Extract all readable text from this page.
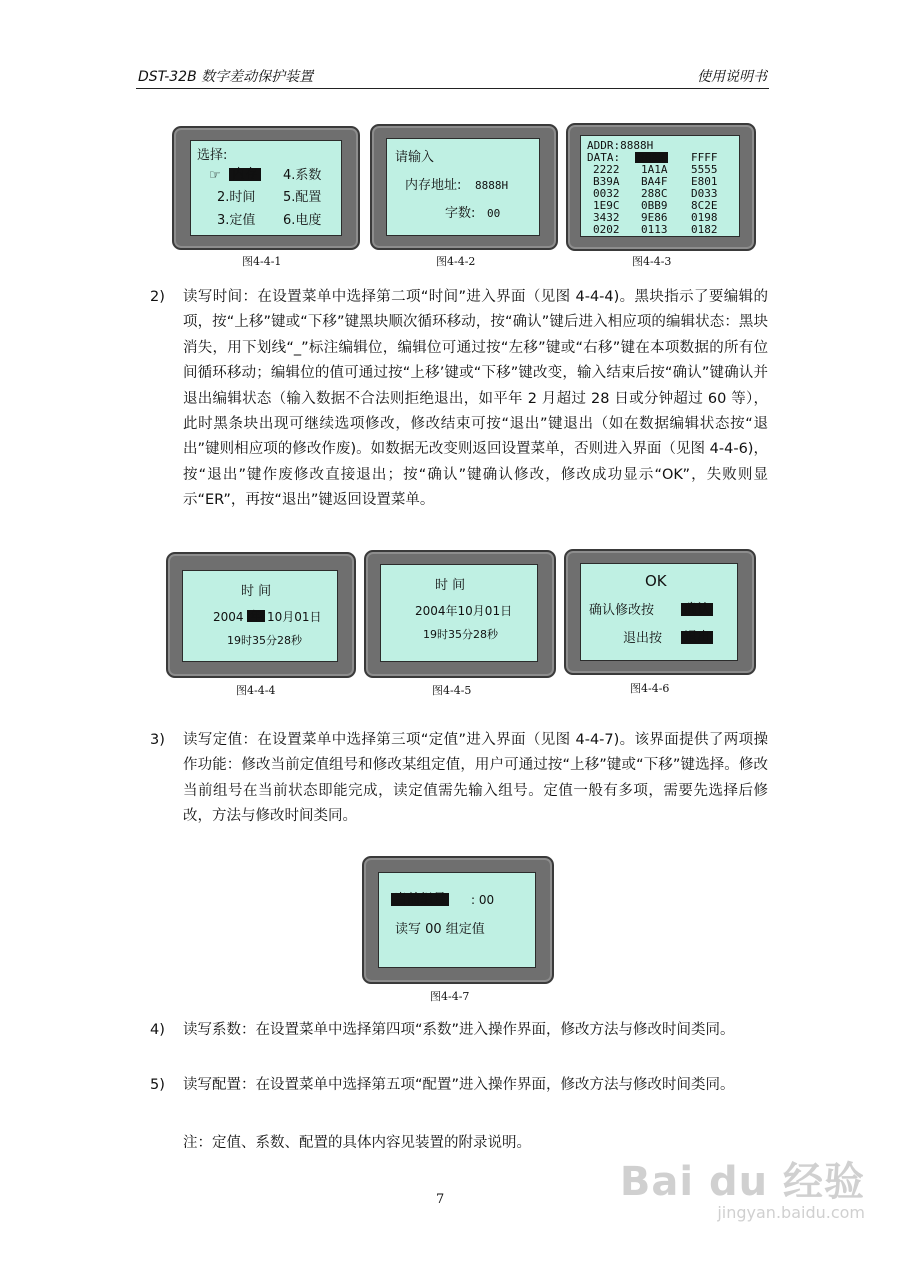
DST-32B 数字差动保护装置	使用说明书
选择:
☞ 内存 4.系数
2.时间 5.配置
3.定值 6.电度
图4-4-1
请输入
内存地址: 8888H
字数: 00
图4-4-2
ADDR:8888H
DATA: 0000 FFFF
2222 1A1A 5555
B39A BA4F E801
0032 288C D033
1E9C 0BB9 8C2E
3432 9E86 0198
0202 0113 0182
图4-4-3
2) 读写时间：在设置菜单中选择第二项“时间”进入界面（见图 4-4-4)。黑块指示了要编辑的项，按“上移”键或“下移”键黑块顺次循环移动，按“确认”键后进入相应项的编辑状态：黑块消失，用下划线“_”标注编辑位，编辑位可通过按“左移”键或“右移”键在本项数据的所有位间循环移动；编辑位的值可通过按“上移’键或“下移”键改变，输入结束后按“确认”键确认并退出编辑状态（输入数据不合法则拒绝退出，如平年 2 月超过 28 日或分钟超过 60 等），此时黑条块出现可继续选项修改，修改结束可按“退出”键退出（如在数据编辑状态按“退出”键则相应项的修改作废)。如数据无改变则返回设置菜单，否则进入界面（见图 4-4-6)，按“退出”键作废修改直接退出；按“确认”键确认修改，修改成功显示“OK”，失败则显示“ER”，再按“退出”键返回设置菜单。
时 间
2004 年 10月01日
19时35分28秒
图4-4-4
时 间
2004年10月01日
19时35分28秒
图4-4-5
OK
确认修改按 确认
退出按 退出
图4-4-6
3) 读写定值：在设置菜单中选择第三项“定值”进入界面（见图 4-4-7)。该界面提供了两项操作功能：修改当前定值组号和修改某组定值，用户可通过按“上移”键或“下移”键选择。修改当前组号在当前状态即能完成，读定值需先输入组号。定值一般有多项，需要先选择后修改，方法与修改时间类同。
当前组号 : 00
读写 00 组定值
图4-4-7
4) 读写系数：在设置菜单中选择第四项“系数”进入操作界面，修改方法与修改时间类同。
5) 读写配置：在设置菜单中选择第五项“配置”进入操作界面，修改方法与修改时间类同。
注：定值、系数、配置的具体内容见装置的附录说明。
7	Bai du 经验
jingyan.baidu.com
